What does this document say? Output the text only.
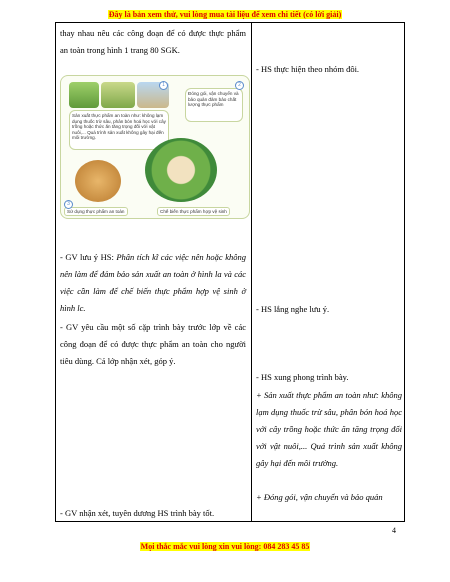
Đây là bản xem thử, vui lòng mua tài liệu để xem chi tiết (có lời giải)
thay nhau nêu các công đoạn để có được thực phẩm an toàn trong hình 1 trang 80 SGK.
1
Sản xuất thực phẩm an toàn như: không lạm dụng thuốc trừ sâu, phân bón hoá học với cây trồng hoặc thức ăn tăng trọng đối với vật nuôi,... Quá trình sản xuất không gây hại đến môi trường.
Đóng gói, vận chuyển và bảo quản đảm bảo chất lượng thực phẩm
2
Sử dụng thực phẩm an toàn	Chế biến thực phẩm hợp vệ sinh
3
- GV lưu ý HS: Phân tích kĩ các việc nên hoặc không nên làm để đảm bảo sản xuất an toàn ở hình la và các việc cần làm để chế biến thực phẩm hợp vệ sinh ở hình lc.
- GV yêu cầu một số cặp trình bày trước lớp về các công đoạn để có được thực phẩm an toàn cho người tiêu dùng. Cả lớp nhận xét, góp ý.
- GV nhận xét, tuyên dương HS trình bày tốt.
- HS thực hiện theo nhóm đôi.
- HS lắng nghe lưu ý.
- HS xung phong trình bày.
+ Sản xuất thực phẩm an toàn như: không lạm dụng thuốc trừ sâu, phân bón hoá học với cây trồng hoặc thức ăn tăng trọng đối với vật nuôi,... Quá trình sản xuất không gây hại đến môi trường.
+ Đóng gói, vận chuyển và bảo quản
4
Mọi thắc mắc vui lòng xin vui lòng: 084 283 45 85
